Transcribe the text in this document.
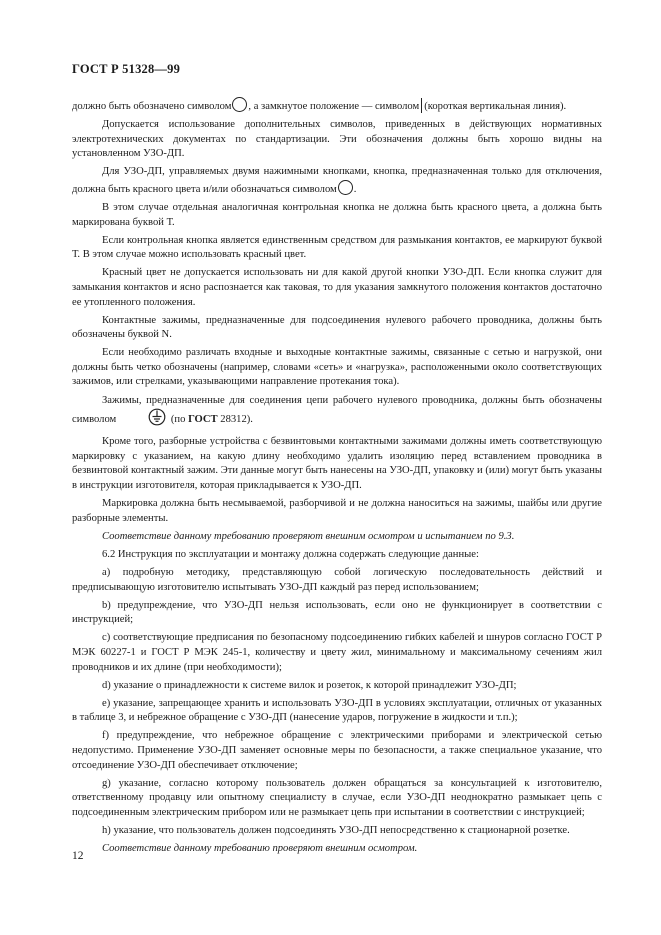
ГОСТ Р 51328—99

должно быть обозначено символом , а замкнутое положение — символом (короткая вертикальная линия).

Допускается использование дополнительных символов, приведенных в действующих нормативных электротехнических документах по стандартизации. Эти обозначения должны быть хорошо видны на установленном УЗО-ДП.

Для УЗО-ДП, управляемых двумя нажимными кнопками, кнопка, предназначенная только для отключения, должна быть красного цвета и/или обозначаться символом .

В этом случае отдельная аналогичная контрольная кнопка не должна быть красного цвета, а должна быть маркирована буквой Т.

Если контрольная кнопка является единственным средством для размыкания контактов, ее маркируют буквой Т. В этом случае можно использовать красный цвет.

Красный цвет не допускается использовать ни для какой другой кнопки УЗО-ДП. Если кнопка служит для замыкания контактов и ясно распознается как таковая, то для указания замкнутого положения контактов достаточно ее утопленного положения.

Контактные зажимы, предназначенные для подсоединения нулевого рабочего проводника, должны быть обозначены буквой N.

Если необходимо различать входные и выходные контактные зажимы, связанные с сетью и нагрузкой, они должны быть четко обозначены (например, словами «сеть» и «нагрузка», расположенными около соответствующих зажимов, или стрелками, указывающими направление протекания тока).

Зажимы, предназначенные для соединения цепи рабочего нулевого проводника, должны быть обозначены символом	(по ГОСТ 28312).

Кроме того, разборные устройства с безвинтовыми контактными зажимами должны иметь соответствующую маркировку с указанием, на какую длину необходимо удалить изоляцию перед вставлением проводника в безвинтовой контактный зажим. Эти данные могут быть нанесены на УЗО-ДП, упаковку и (или) могут быть указаны в инструкции изготовителя, которая прикладывается к УЗО-ДП.

Маркировка должна быть несмываемой, разборчивой и не должна наноситься на зажимы, шайбы или другие разборные элементы.

Соответствие данному требованию проверяют внешним осмотром и испытанием по 9.3.

6.2 Инструкция по эксплуатации и монтажу должна содержать следующие данные:

a) подробную методику, представляющую собой логическую последовательность действий и предписывающую изготовителю испытывать УЗО-ДП каждый раз перед использованием;

b) предупреждение, что УЗО-ДП нельзя использовать, если оно не функционирует в соответствии с инструкцией;

c) соответствующие предписания по безопасному подсоединению гибких кабелей и шнуров согласно ГОСТ Р МЭК 60227-1 и ГОСТ Р МЭК 245-1, количеству и цвету жил, минимальному и максимальному сечениям жил проводников и их длине (при необходимости);

d) указание о принадлежности к системе вилок и розеток, к которой принадлежит УЗО-ДП;

e) указание, запрещающее хранить и использовать УЗО-ДП в условиях эксплуатации, отличных от указанных в таблице 3, и небрежное обращение с УЗО-ДП (нанесение ударов, погружение в жидкости и т.п.);

f) предупреждение, что небрежное обращение с электрическими приборами и электрической сетью недопустимо. Применение УЗО-ДП заменяет основные меры по безопасности, а также специальное указание, что отсоединение УЗО-ДП обеспечивает отключение;

g) указание, согласно которому пользователь должен обращаться за консультацией к изготовителю, ответственному продавцу или опытному специалисту в случае, если УЗО-ДП неоднократно размыкает цепь с подсоединенным электрическим прибором или не размыкает цепь при испытании в соответствии с инструкцией;

h) указание, что пользователь должен подсоединять УЗО-ДП непосредственно к стационарной розетке.

Соответствие данному требованию проверяют внешним осмотром.

12
